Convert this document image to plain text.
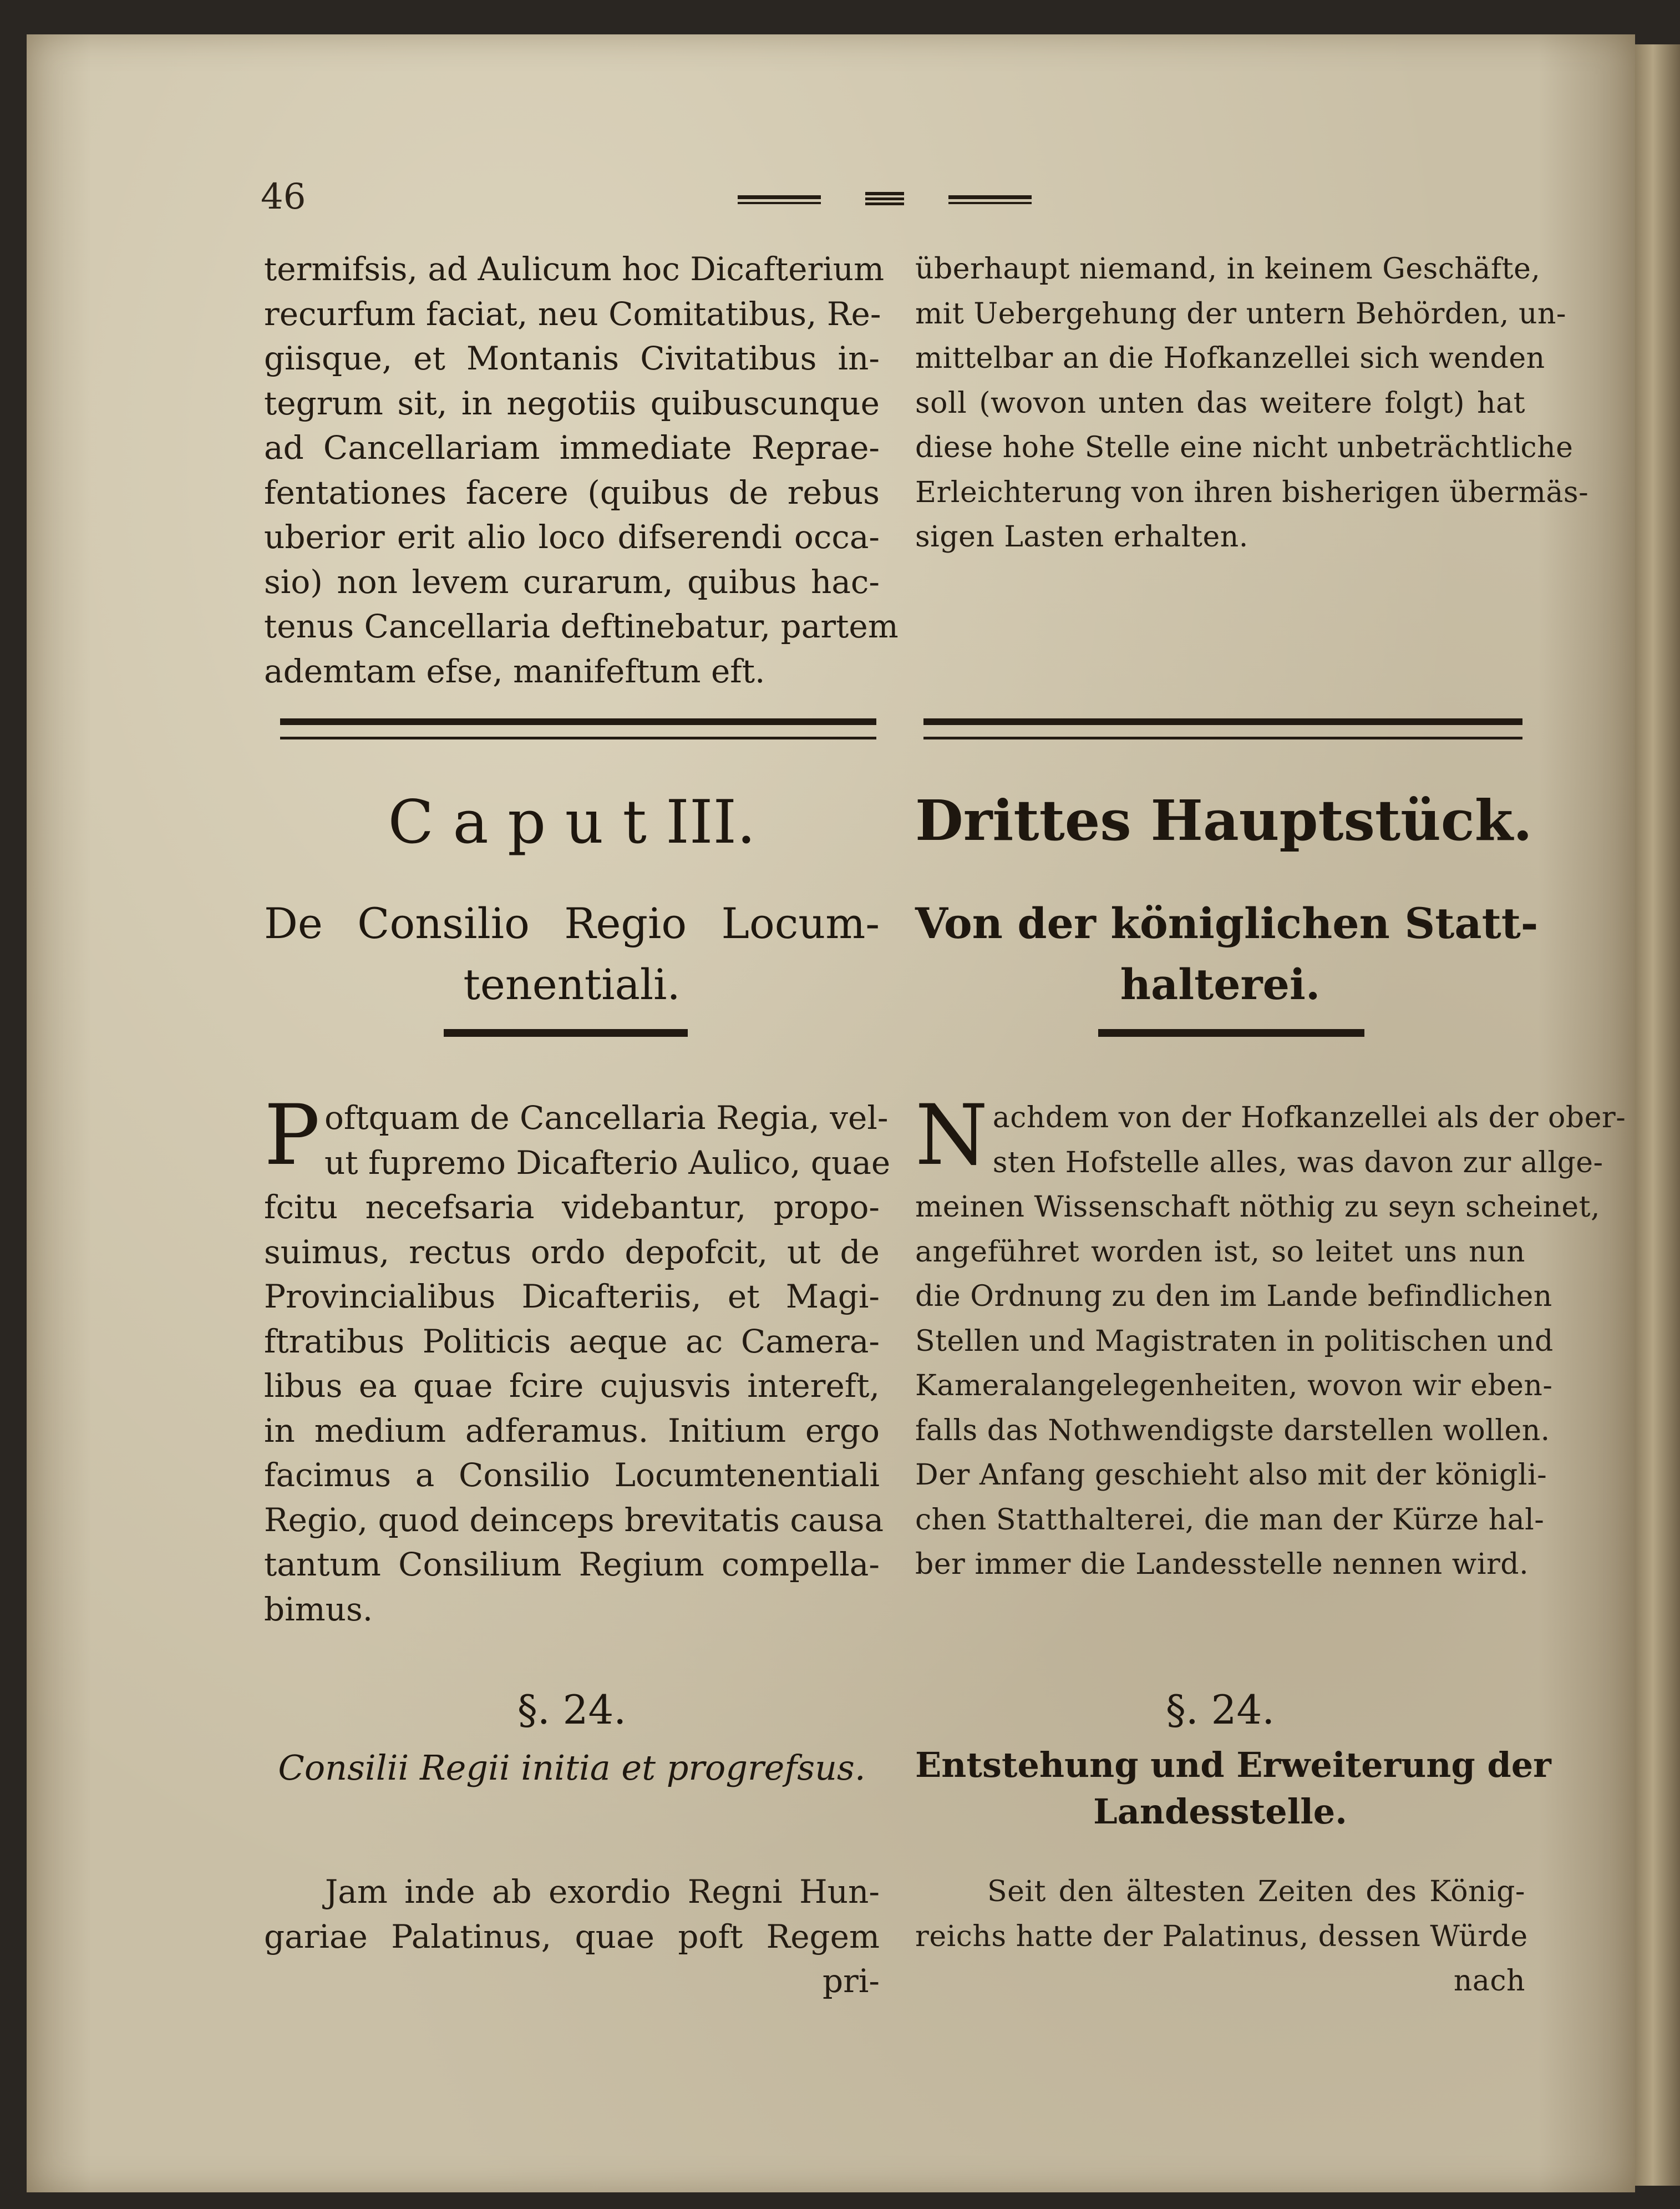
46
termifsis, ad Aulicum hoc Dicafterium
recurfum faciat, neu Comitatibus, Re-
giisque, et Montanis Civitatibus in-
tegrum sit, in negotiis quibuscunque
ad Cancellariam immediate Repraе-
fentationes facere (quibus de rebus
uberior erit alio loco difserendi occa-
sio) non levem curarum, quibus hac-
tenus Cancellaria deftinebatur, partem
ademtam efse, manifeftum eft.
überhaupt niemand, in keinem Geschäfte,
mit Uebergehung der untern Behörden, un-
mittelbar an die Hofkanzellei sich wenden
soll (wovon unten das weitere folgt) hat
diese hohe Stelle eine nicht unbeträchtliche
Erleichterung von ihren bisherigen übermäs-
sigen Lasten erhalten.
C a p u t III.	Drittes Hauptstück.
De Consilio Regio Locum-
tenentiali.
Von der königlichen Statt-
halterei.
P oftquam de Cancellaria Regia, vel-
ut fupremo Dicafterio Aulico, quae
fcitu necefsaria videbantur, propo-
suimus, rectus ordo depofcit, ut de
Provincialibus Dicafteriis, et Magi-
ftratibus Politicis aeque ac Camera-
libus ea quae fcire cujusvis intereft,
in medium adferamus. Initium ergo
facimus a Consilio Locumtenentiali
Regio, quod deinceps brevitatis causa
tantum Consilium Regium compella-
bimus.
N achdem von der Hofkanzellei als der ober-
sten Hofstelle alles, was davon zur allge-
meinen Wissenschaft nöthig zu seyn scheinet,
angeführet worden ist, so leitet uns nun
die Ordnung zu den im Lande befindlichen
Stellen und Magistraten in politischen und
Kameralangelegenheiten, wovon wir eben-
falls das Nothwendigste darstellen wollen.
Der Anfang geschieht also mit der königli-
chen Statthalterei, die man der Kürze hal-
ber immer die Landesstelle nennen wird.
§. 24.	§. 24.
Consilii Regii initia et progrefsus.	Entstehung und Erweiterung der
Landesstelle.
Jam inde ab exordio Regni Hun-
gariae Palatinus, quae poft Regem
pri-
Seit den ältesten Zeiten des König-
reichs hatte der Palatinus, dessen Würde
nach
